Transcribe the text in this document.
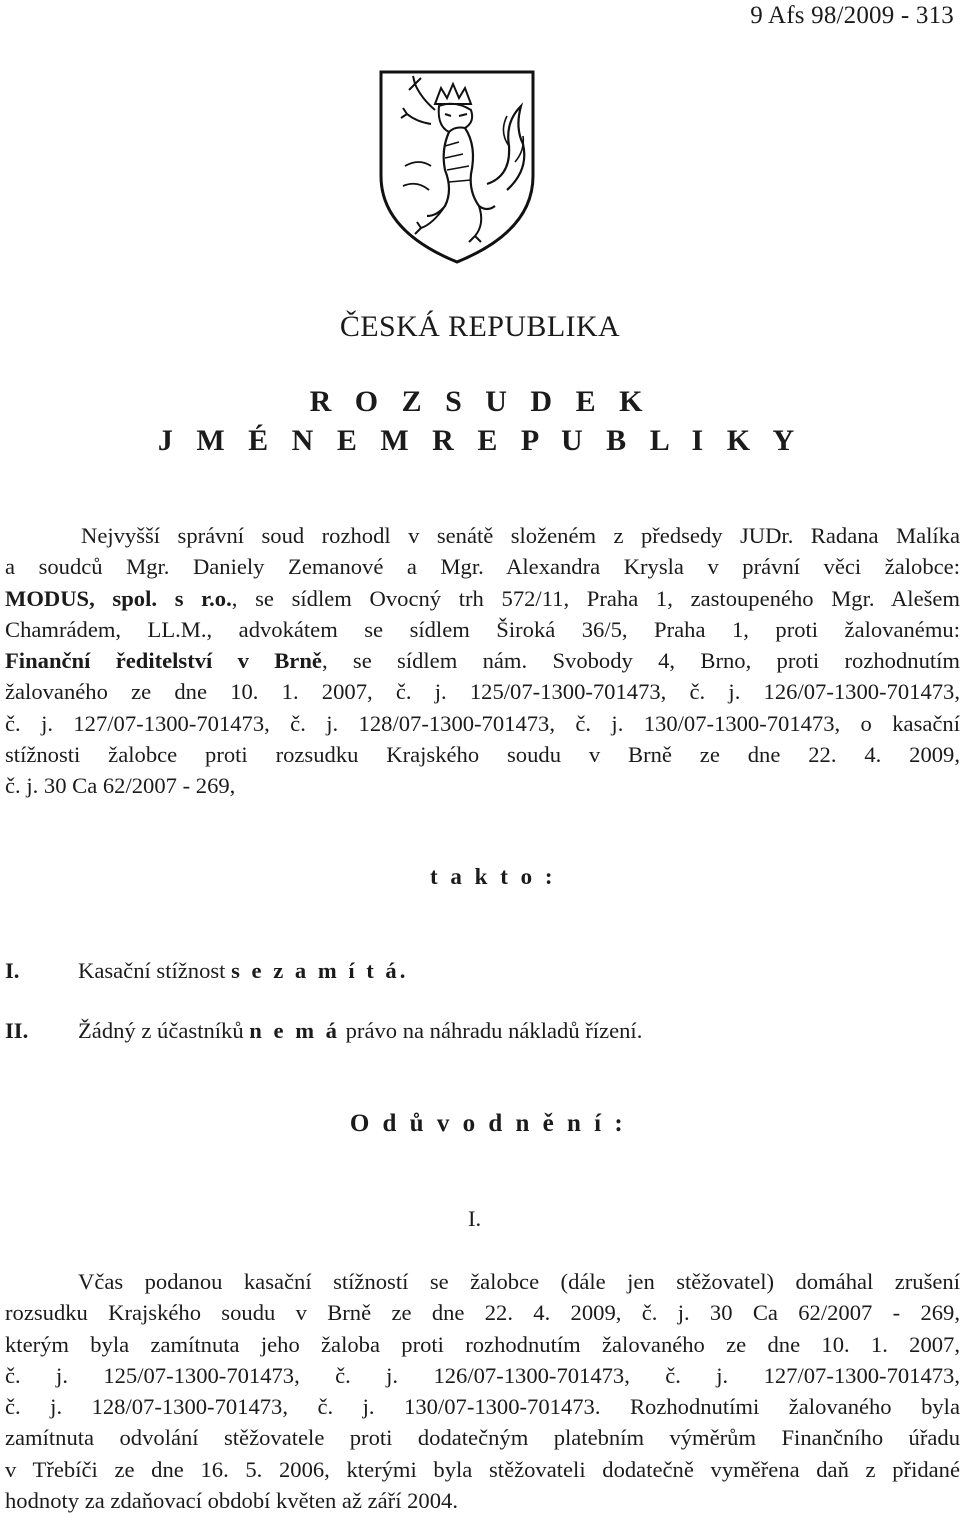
9 Afs 98/2009 - 313
ČESKÁ REPUBLIKA
R O Z S U D E K
J M É N E M R E P U B L I K Y
Nejvyšší správní soud rozhodl v senátě složeném z předsedy JUDr. Radana Malíka
a soudců Mgr. Daniely Zemanové a Mgr. Alexandra Krysla v právní věci žalobce:
MODUS, spol. s r.o., se sídlem Ovocný trh 572/11, Praha 1, zastoupeného Mgr. Alešem
Chamrádem, LL.M., advokátem se sídlem Široká 36/5, Praha 1, proti žalovanému:
Finanční ředitelství v Brně, se sídlem nám. Svobody 4, Brno, proti rozhodnutím
žalovaného ze dne 10. 1. 2007, č. j. 125/07-1300-701473, č. j. 126/07-1300-701473,
č. j. 127/07-1300-701473, č. j. 128/07-1300-701473, č. j. 130/07-1300-701473, o kasační
stížnosti žalobce proti rozsudku Krajského soudu v Brně ze dne 22. 4. 2009,
č. j. 30 Ca 62/2007 - 269,
t a k t o :
I.	Kasační stížnost s e z a m í t á.
II. Žádný z účastníků n e m á právo na náhradu nákladů řízení.
O d ů v o d n ě n í :
I.
Včas podanou kasační stížností se žalobce (dále jen stěžovatel) domáhal zrušení
rozsudku Krajského soudu v Brně ze dne 22. 4. 2009, č. j. 30 Ca 62/2007 - 269,
kterým byla zamítnuta jeho žaloba proti rozhodnutím žalovaného ze dne 10. 1. 2007,
č. j. 125/07-1300-701473, č. j. 126/07-1300-701473, č. j. 127/07-1300-701473,
č. j. 128/07-1300-701473, č. j. 130/07-1300-701473. Rozhodnutími žalovaného byla
zamítnuta odvolání stěžovatele proti dodatečným platebním výměrům Finančního úřadu
v Třebíči ze dne 16. 5. 2006, kterými byla stěžovateli dodatečně vyměřena daň z přidané
hodnoty za zdaňovací období květen až září 2004.
